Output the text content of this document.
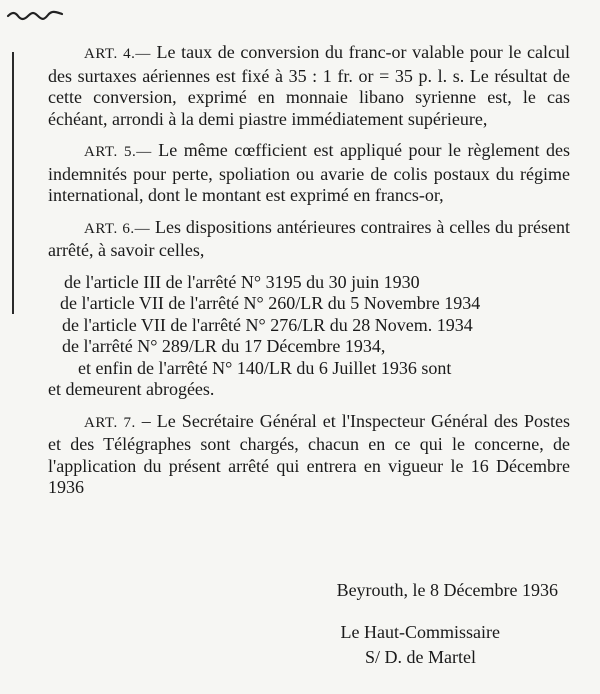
ART. 4.— Le taux de conversion du franc-or valable pour le calcul des surtaxes aériennes est fixé à 35 : 1 fr. or = 35 p. l. s. Le résultat de cette conversion, exprimé en monnaie libano syrienne est, le cas échéant, arrondi à la demi piastre immédiatement supérieure,

ART. 5.— Le même cœfficient est appliqué pour le règlement des indemnités pour perte, spoliation ou avarie de colis postaux du régime international, dont le montant est exprimé en francs-or,

ART. 6.— Les dispositions antérieures contraires à celles du présent arrêté, à savoir celles,

de l'article III de l'arrêté N° 3195 du 30 juin 1930

de l'article VII de l'arrêté N° 260/LR du 5 Novembre 1934

de l'article VII de l'arrêté N° 276/LR du 28 Novem. 1934

de l'arrêté N° 289/LR du 17 Décembre 1934,

et enfin de l'arrêté N° 140/LR du 6 Juillet 1936 sont

et demeurent abrogées.

ART. 7. – Le Secrétaire Général et l'Inspecteur Général des Postes et des Télégraphes sont chargés, chacun en ce qui le concerne, de l'application du présent arrêté qui entrera en vigueur le 16 Décembre 1936

Beyrouth, le 8 Décembre 1936
Le Haut-Commissaire
S/ D. de Martel
